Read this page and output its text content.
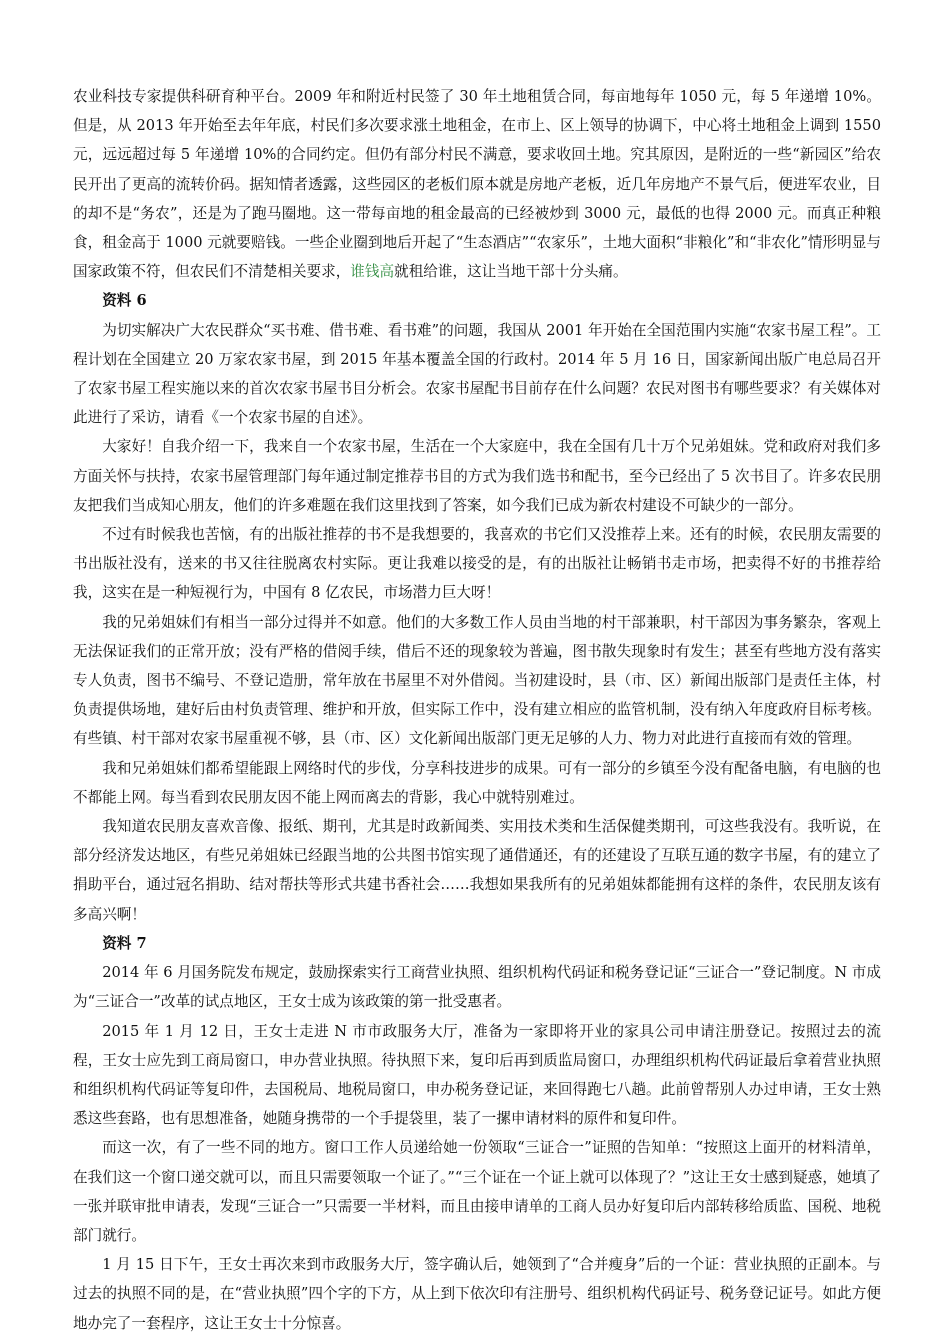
农业科技专家提供科研育种平台。2009 年和附近村民签了 30 年土地租赁合同，每亩地每年 1050 元，每 5 年递增 10%。但是，从 2013 年开始至去年年底，村民们多次要求涨土地租金，在市上、区上领导的协调下，中心将土地租金上调到 1550 元，远远超过每 5 年递增 10%的合同约定。但仍有部分村民不满意，要求收回土地。究其原因，是附近的一些“新园区”给农民开出了更高的流转价码。据知情者透露，这些园区的老板们原本就是房地产老板，近几年房地产不景气后，便进军农业，目的却不是“务农”，还是为了跑马圈地。这一带每亩地的租金最高的已经被炒到 3000 元，最低的也得 2000 元。而真正种粮食，租金高于 1000 元就要赔钱。一些企业圈到地后开起了“生态酒店”“农家乐”，土地大面积“非粮化”和“非农化”情形明显与国家政策不符，但农民们不清楚相关要求，谁钱高就租给谁，这让当地干部十分头痛。

资料 6

为切实解决广大农民群众“买书难、借书难、看书难”的问题，我国从 2001 年开始在全国范围内实施“农家书屋工程”。工程计划在全国建立 20 万家农家书屋，到 2015 年基本覆盖全国的行政村。2014 年 5 月 16 日，国家新闻出版广电总局召开了农家书屋工程实施以来的首次农家书屋书目分析会。农家书屋配书目前存在什么问题？农民对图书有哪些要求？有关媒体对此进行了采访，请看《一个农家书屋的自述》。

大家好！自我介绍一下，我来自一个农家书屋，生活在一个大家庭中，我在全国有几十万个兄弟姐妹。党和政府对我们多方面关怀与扶持，农家书屋管理部门每年通过制定推荐书目的方式为我们选书和配书，至今已经出了 5 次书目了。许多农民朋友把我们当成知心朋友，他们的许多难题在我们这里找到了答案，如今我们已成为新农村建设不可缺少的一部分。

不过有时候我也苦恼，有的出版社推荐的书不是我想要的，我喜欢的书它们又没推荐上来。还有的时候，农民朋友需要的书出版社没有，送来的书又往往脱离农村实际。更让我难以接受的是，有的出版社让畅销书走市场，把卖得不好的书推荐给我，这实在是一种短视行为，中国有 8 亿农民，市场潜力巨大呀！

我的兄弟姐妹们有相当一部分过得并不如意。他们的大多数工作人员由当地的村干部兼职，村干部因为事务繁杂，客观上无法保证我们的正常开放；没有严格的借阅手续，借后不还的现象较为普遍，图书散失现象时有发生；甚至有些地方没有落实专人负责，图书不编号、不登记造册，常年放在书屋里不对外借阅。当初建设时，县（市、区）新闻出版部门是责任主体，村负责提供场地，建好后由村负责管理、维护和开放，但实际工作中，没有建立相应的监管机制，没有纳入年度政府目标考核。有些镇、村干部对农家书屋重视不够，县（市、区）文化新闻出版部门更无足够的人力、物力对此进行直接而有效的管理。

我和兄弟姐妹们都希望能跟上网络时代的步伐，分享科技进步的成果。可有一部分的乡镇至今没有配备电脑，有电脑的也不都能上网。每当看到农民朋友因不能上网而离去的背影，我心中就特别难过。

我知道农民朋友喜欢音像、报纸、期刊，尤其是时政新闻类、实用技术类和生活保健类期刊，可这些我没有。我听说，在部分经济发达地区，有些兄弟姐妹已经跟当地的公共图书馆实现了通借通还，有的还建设了互联互通的数字书屋，有的建立了捐助平台，通过冠名捐助、结对帮扶等形式共建书香社会……我想如果我所有的兄弟姐妹都能拥有这样的条件，农民朋友该有多高兴啊！

资料 7

2014 年 6 月国务院发布规定，鼓励探索实行工商营业执照、组织机构代码证和税务登记证“三证合一”登记制度。N 市成为“三证合一”改革的试点地区，王女士成为该政策的第一批受惠者。

2015 年 1 月 12 日，王女士走进 N 市市政服务大厅，准备为一家即将开业的家具公司申请注册登记。按照过去的流程，王女士应先到工商局窗口，申办营业执照。待执照下来，复印后再到质监局窗口，办理组织机构代码证最后拿着营业执照和组织机构代码证等复印件，去国税局、地税局窗口，申办税务登记证，来回得跑七八趟。此前曾帮别人办过申请，王女士熟悉这些套路，也有思想准备，她随身携带的一个手提袋里，装了一摞申请材料的原件和复印件。

而这一次，有了一些不同的地方。窗口工作人员递给她一份领取“三证合一”证照的告知单：“按照这上面开的材料清单，在我们这一个窗口递交就可以，而且只需要领取一个证了。”“三个证在一个证上就可以体现了？”这让王女士感到疑惑，她填了一张并联审批申请表，发现“三证合一”只需要一半材料，而且由接申请单的工商人员办好复印后内部转移给质监、国税、地税部门就行。

1 月 15 日下午，王女士再次来到市政服务大厅，签字确认后，她领到了“合并瘦身”后的一个证：营业执照的正副本。与过去的执照不同的是，在“营业执照”四个字的下方，从上到下依次印有注册号、组织机构代码证号、税务登记证号。如此方便地办完了一套程序，这让王女士十分惊喜。
